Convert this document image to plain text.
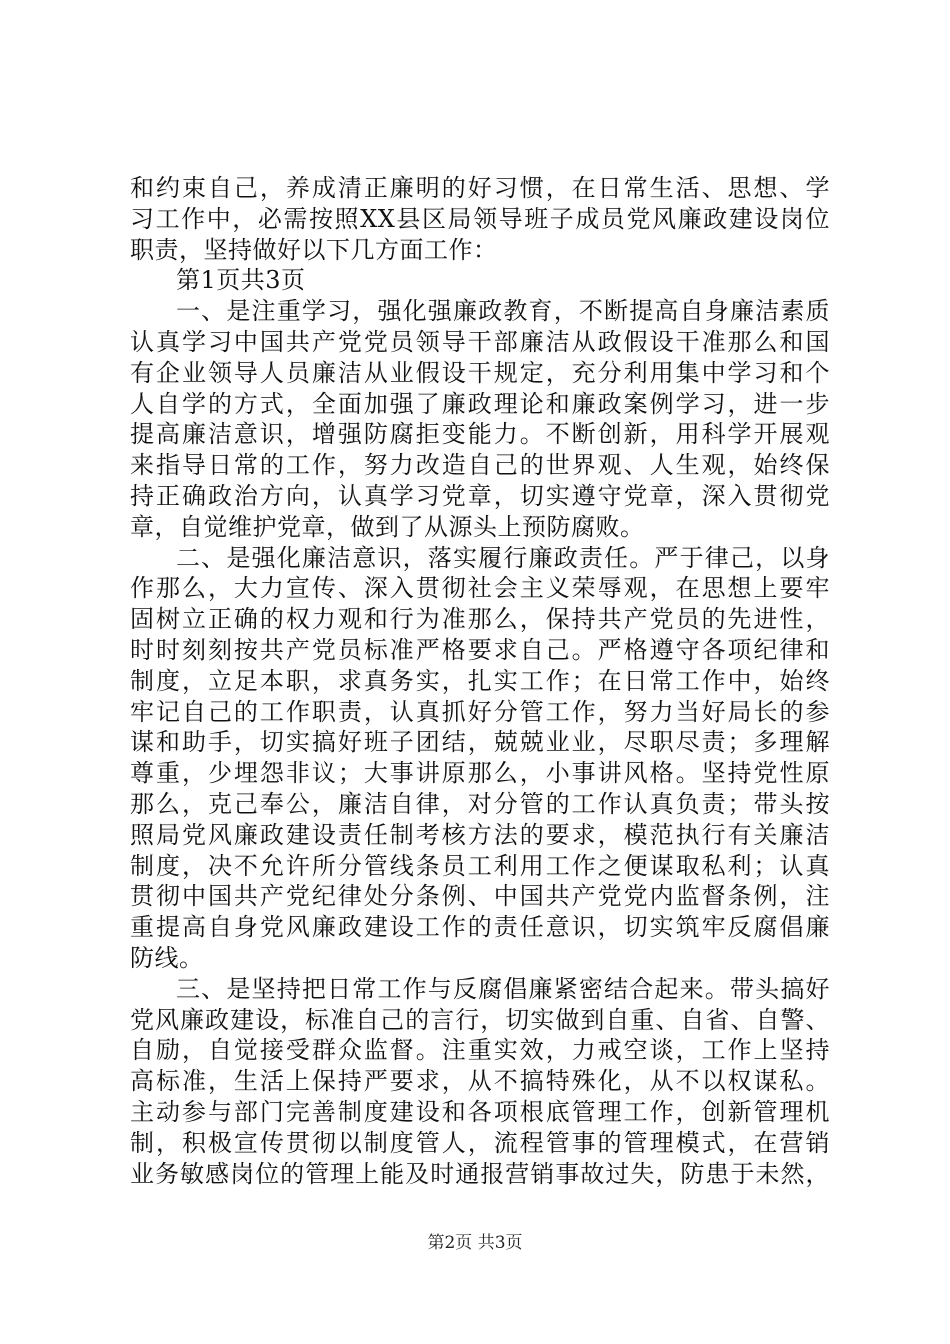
和约束自己，养成清正廉明的好习惯，在日常生活、思想、学
习工作中，必需按照XX县区局领导班子成员党风廉政建设岗位
职责，坚持做好以下几方面工作：
第1页共3页
一、是注重学习，强化强廉政教育，不断提高自身廉洁素质
认真学习中国共产党党员领导干部廉洁从政假设干准那么和国
有企业领导人员廉洁从业假设干规定，充分利用集中学习和个
人自学的方式，全面加强了廉政理论和廉政案例学习，进一步
提高廉洁意识，增强防腐拒变能力。不断创新，用科学开展观
来指导日常的工作，努力改造自己的世界观、人生观，始终保
持正确政治方向，认真学习党章，切实遵守党章，深入贯彻党
章，自觉维护党章，做到了从源头上预防腐败。
二、是强化廉洁意识，落实履行廉政责任。严于律己，以身
作那么，大力宣传、深入贯彻社会主义荣辱观，在思想上要牢
固树立正确的权力观和行为准那么，保持共产党员的先进性，
时时刻刻按共产党员标准严格要求自己。严格遵守各项纪律和
制度，立足本职，求真务实，扎实工作；在日常工作中，始终
牢记自己的工作职责，认真抓好分管工作，努力当好局长的参
谋和助手，切实搞好班子团结，兢兢业业，尽职尽责；多理解
尊重，少埋怨非议；大事讲原那么，小事讲风格。坚持党性原
那么，克己奉公，廉洁自律，对分管的工作认真负责；带头按
照局党风廉政建设责任制考核方法的要求，模范执行有关廉洁
制度，决不允许所分管线条员工利用工作之便谋取私利；认真
贯彻中国共产党纪律处分条例、中国共产党党内监督条例，注
重提高自身党风廉政建设工作的责任意识，切实筑牢反腐倡廉
防线。
三、是坚持把日常工作与反腐倡廉紧密结合起来。带头搞好
党风廉政建设，标准自己的言行，切实做到自重、自省、自警、
自励，自觉接受群众监督。注重实效，力戒空谈，工作上坚持
高标准，生活上保持严要求，从不搞特殊化，从不以权谋私。
主动参与部门完善制度建设和各项根底管理工作，创新管理机
制，积极宣传贯彻以制度管人，流程管事的管理模式，在营销
业务敏感岗位的管理上能及时通报营销事故过失，防患于未然，
第2页 共3页
